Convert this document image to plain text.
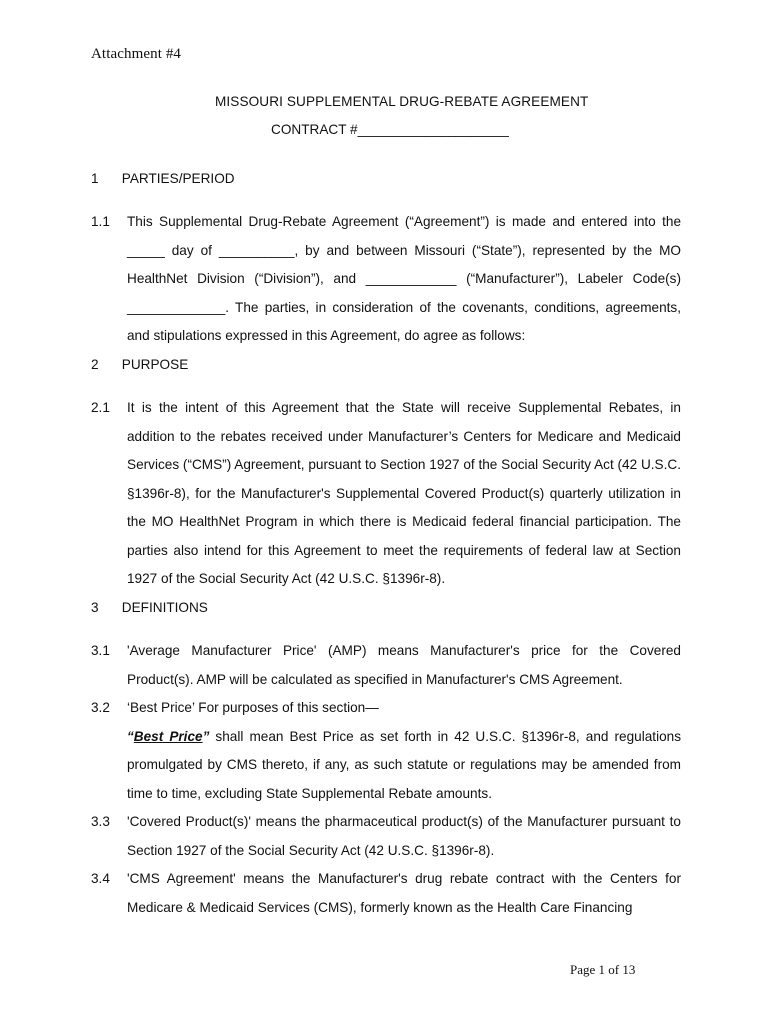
Attachment #4
MISSOURI SUPPLEMENTAL DRUG-REBATE AGREEMENT
CONTRACT #____________________
1 PARTIES/PERIOD
1.1 This Supplemental Drug-Rebate Agreement (“Agreement”) is made and entered into the _____ day of __________, by and between Missouri (“State”), represented by the MO HealthNet Division (“Division”), and ____________ (“Manufacturer”), Labeler Code(s) _____________. The parties, in consideration of the covenants, conditions, agreements, and stipulations expressed in this Agreement, do agree as follows:
2 PURPOSE
2.1 It is the intent of this Agreement that the State will receive Supplemental Rebates, in addition to the rebates received under Manufacturer’s Centers for Medicare and Medicaid Services (“CMS”) Agreement, pursuant to Section 1927 of the Social Security Act (42 U.S.C. §1396r-8), for the Manufacturer's Supplemental Covered Product(s) quarterly utilization in the MO HealthNet Program in which there is Medicaid federal financial participation. The parties also intend for this Agreement to meet the requirements of federal law at Section 1927 of the Social Security Act (42 U.S.C. §1396r-8).
3 DEFINITIONS
3.1 'Average Manufacturer Price' (AMP) means Manufacturer's price for the Covered Product(s). AMP will be calculated as specified in Manufacturer's CMS Agreement.
3.2 ‘Best Price’ For purposes of this section—
“Best Price” shall mean Best Price as set forth in 42 U.S.C. §1396r-8, and regulations promulgated by CMS thereto, if any, as such statute or regulations may be amended from time to time, excluding State Supplemental Rebate amounts.
3.3 'Covered Product(s)' means the pharmaceutical product(s) of the Manufacturer pursuant to Section 1927 of the Social Security Act (42 U.S.C. §1396r-8).
3.4 'CMS Agreement' means the Manufacturer's drug rebate contract with the Centers for Medicare & Medicaid Services (CMS), formerly known as the Health Care Financing
Page 1 of 13
